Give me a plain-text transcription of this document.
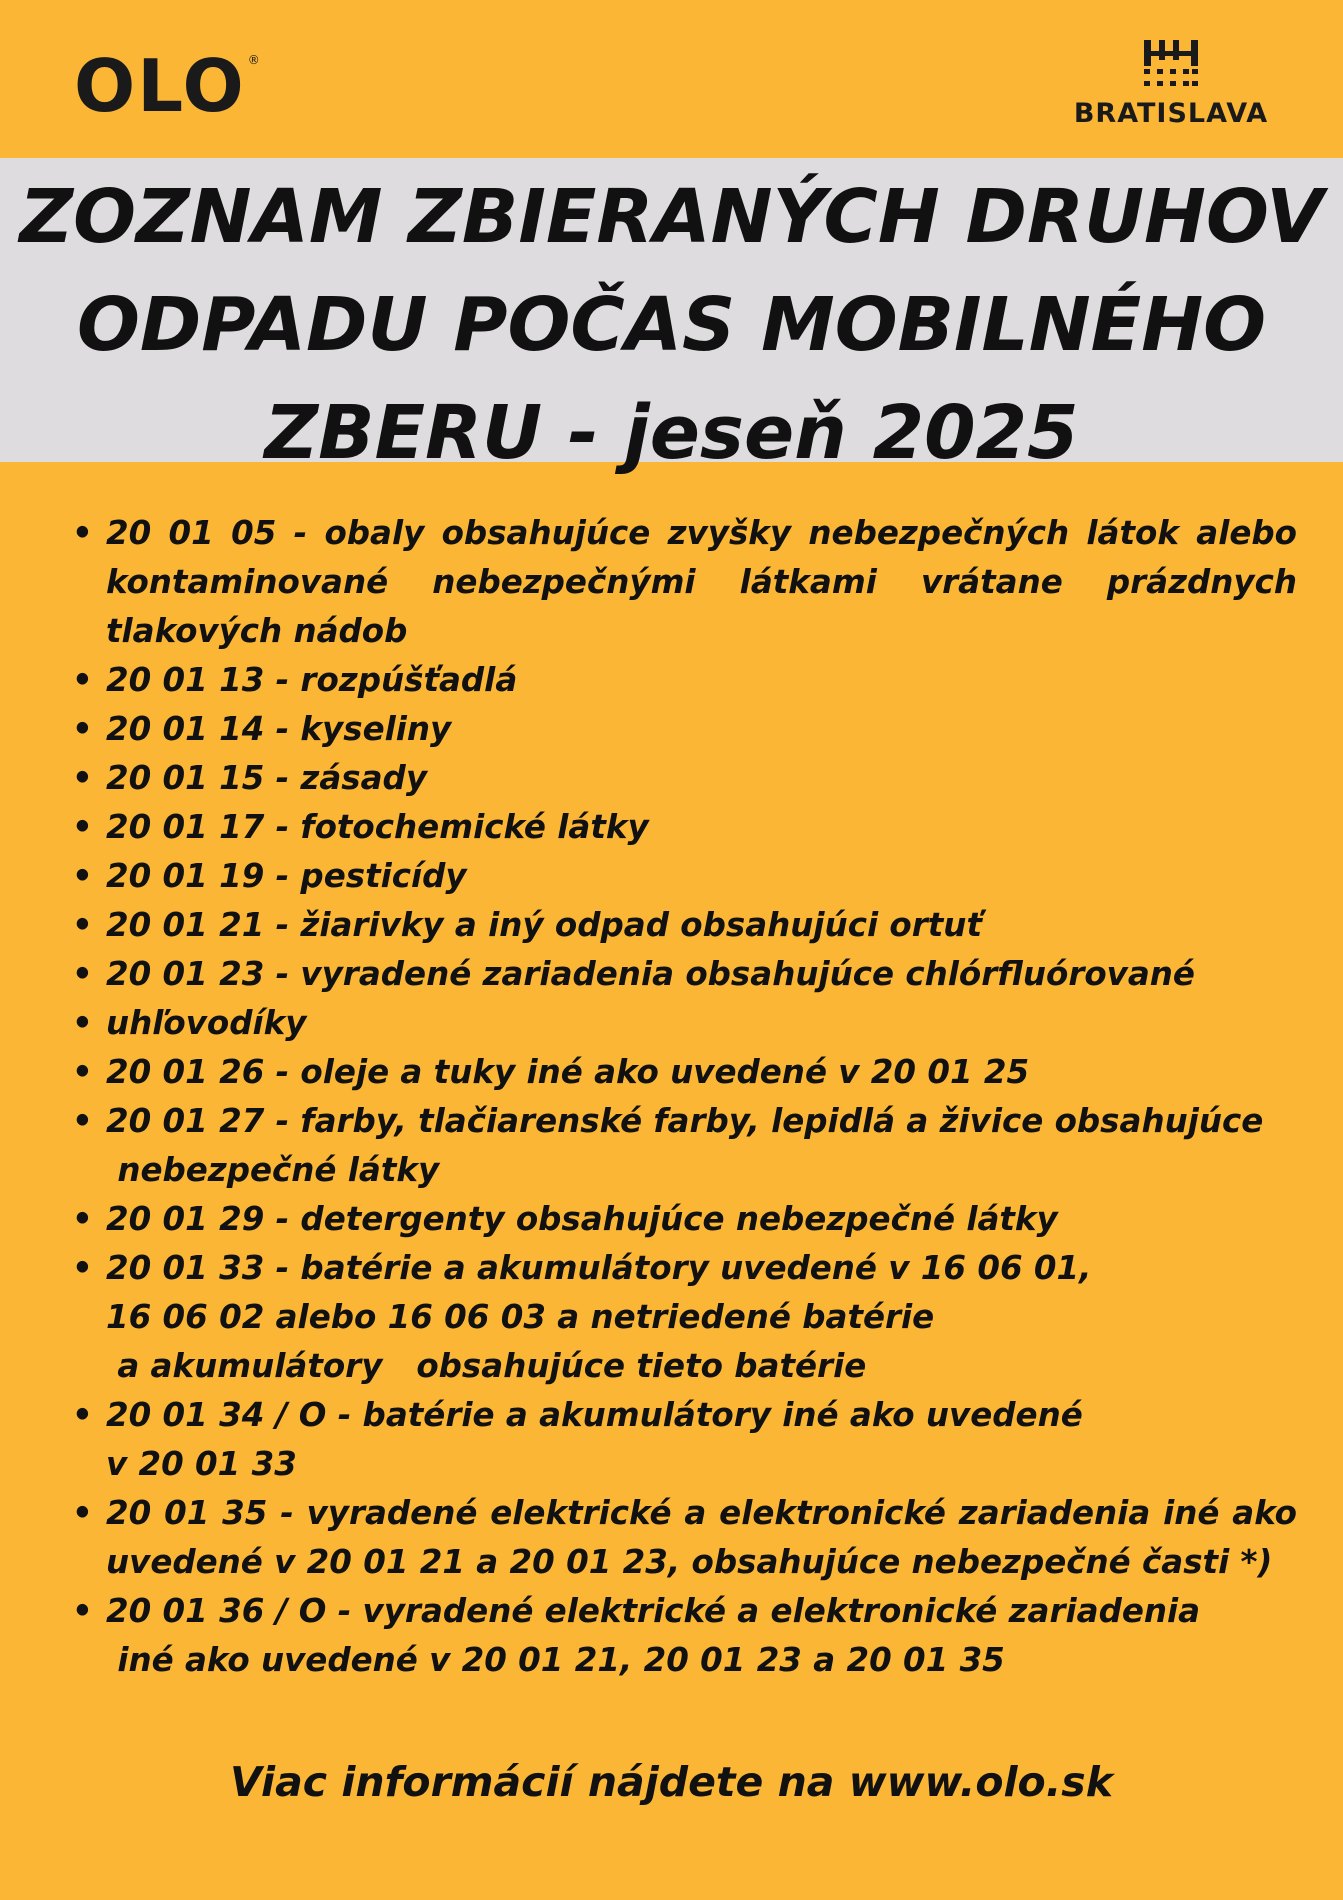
OLO ®
BRATISLAVA
ZOZNAM ZBIERANÝCH DRUHOV
ODPADU POČAS MOBILNÉHO
ZBERU - jeseň 2025
• 20 01 05 - obaly obsahujúce zvyšky nebezpečných látok alebo
kontaminované nebezpečnými látkami vrátane prázdnych
tlakových nádob
• 20 01 13 - rozpúšťadlá
• 20 01 14 - kyseliny
• 20 01 15 - zásady
• 20 01 17 - fotochemické látky
• 20 01 19 - pesticídy
• 20 01 21 - žiarivky a iný odpad obsahujúci ortuť
• 20 01 23 - vyradené zariadenia obsahujúce chlórfluórované
• uhľovodíky
• 20 01 26 - oleje a tuky iné ako uvedené v 20 01 25
• 20 01 27 - farby, tlačiarenské farby, lepidlá a živice obsahujúce
nebezpečné látky
• 20 01 29 - detergenty obsahujúce nebezpečné látky
• 20 01 33 - batérie a akumulátory uvedené v 16 06 01,
16 06 02 alebo 16 06 03 a netriedené batérie
a akumulátory   obsahujúce tieto batérie
• 20 01 34 / O - batérie a akumulátory iné ako uvedené
v 20 01 33
• 20 01 35 - vyradené elektrické a elektronické zariadenia iné ako
uvedené v 20 01 21 a 20 01 23, obsahujúce nebezpečné časti *)
• 20 01 36 / O - vyradené elektrické a elektronické zariadenia
iné ako uvedené v 20 01 21, 20 01 23 a 20 01 35
Viac informácií nájdete na www.olo.sk
